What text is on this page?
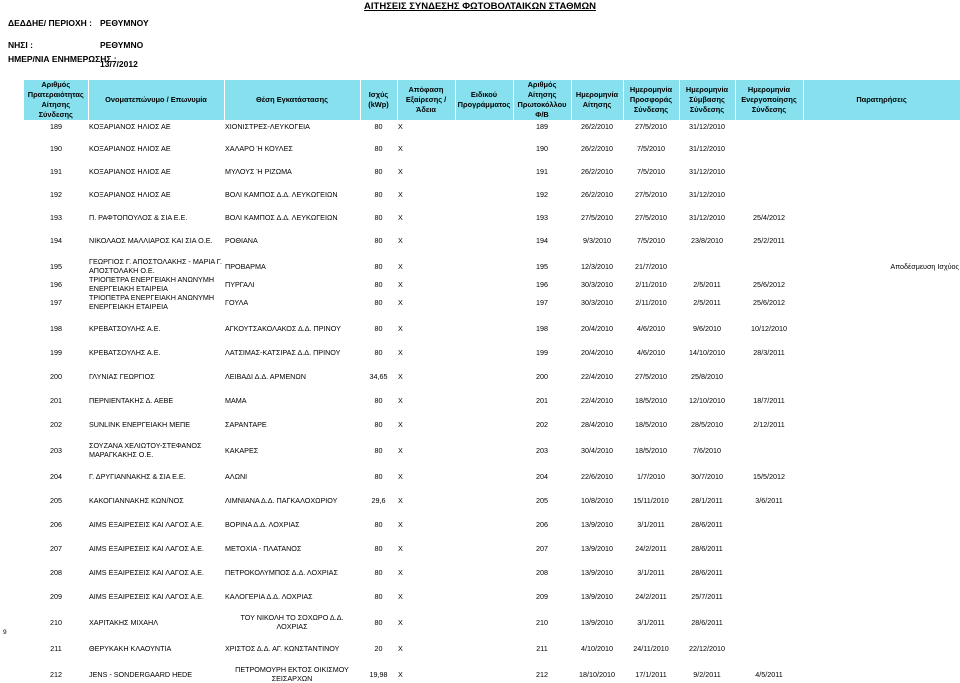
ΑΙΤΗΣΕΙΣ ΣΥΝΔΕΣΗΣ ΦΩΤΟΒΟΛΤΑΙΚΩΝ ΣΤΑΘΜΩΝ
ΔΕΔΔΗΕ/ ΠΕΡΙΟΧΗ : ΡΕΘΥΜΝΟΥ
ΝΗΣΙ :	ΡΕΘΥΜΝΟ
ΗΜΕΡ/ΝΙΑ ΕΝΗΜΕΡΩΣΗΣ :
13/7/2012
Αριθμός Πρατεραιότητας Αίτησης Σύνδεσης	Ονοματεπώνυμο / Επωνυμία	Θέση Εγκατάστασης	Ισχύς (kWp)	Απόφαση Εξαίρεσης / Άδεια	Ειδικού Προγράμματος	Αριθμός Αίτησης Πρωτοκόλλου Φ/Β	Ημερομηνία Αίτησης	Ημερομηνία Προσφοράς Σύνδεσης	Ημερομηνία Σύμβασης Σύνδεσης	Ημερομηνία Ενεργοποίησης Σύνδεσης	Παρατηρήσεις
189	ΚΟΞΑΡΙΑΝΟΣ ΗΛΙΟΣ ΑΕ	ΧΙΟΝΙΣΤΡΕΣ-ΛΕΥΚΟΓΕΙΑ	80	Χ		189	26/2/2010	27/5/2010	31/12/2010		

190	ΚΟΞΑΡΙΑΝΟΣ ΗΛΙΟΣ ΑΕ	ΧΑΛΑΡΟ Ή ΚΟΥΛΕΣ	80	Χ		190	26/2/2010	7/5/2010	31/12/2010		

191	ΚΟΞΑΡΙΑΝΟΣ ΗΛΙΟΣ ΑΕ	ΜΥΛΟΥΣ Ή ΡΙΖΩΜΑ	80	Χ		191	26/2/2010	7/5/2010	31/12/2010		

192	ΚΟΞΑΡΙΑΝΟΣ ΗΛΙΟΣ ΑΕ	ΒΟΛΙ ΚΑΜΠΟΣ Δ.Δ. ΛΕΥΚΩΓΕΙΩΝ	80	Χ		192	26/2/2010	27/5/2010	31/12/2010		

193	Π. ΡΑΦΤΟΠΟΥΛΟΣ & ΣΙΑ Ε.Ε.	ΒΟΛΙ ΚΑΜΠΟΣ Δ.Δ. ΛΕΥΚΩΓΕΙΩΝ	80	Χ		193	27/5/2010	27/5/2010	31/12/2010	25/4/2012	

194	ΝΙΚΟΛΑΟΣ ΜΑΛΛΙΑΡΟΣ ΚΑΙ ΣΙΑ Ο.Ε.	ΡΟΘΙΑΝΑ	80	Χ		194	9/3/2010	7/5/2010	23/8/2010	25/2/2011	

195	ΓΕΩΡΓΙΟΣ Γ. ΑΠΟΣΤΟΛΑΚΗΣ - ΜΑΡΙΑ Γ. ΑΠΟΣΤΟΛΑΚΗ Ο.Ε.	ΠΡΟΒΑΡΜΑ	80	Χ		195	12/3/2010	21/7/2010			Αποδέσμευση Ισχύος
196	ΤΡΙΟΠΕΤΡΑ ΕΝΕΡΓΕΙΑΚΗ ΑΝΩΝΥΜΗ ΕΝΕΡΓΕΙΑΚΗ ΕΤΑΙΡΕΙΑ	ΠΥΡΓΑΛΙ	80	Χ		196	30/3/2010	2/11/2010	2/5/2011	25/6/2012	
197	ΤΡΙΟΠΕΤΡΑ ΕΝΕΡΓΕΙΑΚΗ ΑΝΩΝΥΜΗ ΕΝΕΡΓΕΙΑΚΗ ΕΤΑΙΡΕΙΑ	ΓΟΥΛΑ	80	Χ		197	30/3/2010	2/11/2010	2/5/2011	25/6/2012	

198	ΚΡΕΒΑΤΣΟΥΛΗΣ Α.Ε.	ΑΓΚΟΥΤΣΑΚΟΛΑΚΟΣ Δ.Δ. ΠΡΙΝΟΥ	80	Χ		198	20/4/2010	4/6/2010	9/6/2010	10/12/2010	

199	ΚΡΕΒΑΤΣΟΥΛΗΣ Α.Ε.	ΛΑΤΣΙΜΑΣ-ΚΑΤΣΙΡΑΣ Δ.Δ. ΠΡΙΝΟΥ	80	Χ		199	20/4/2010	4/6/2010	14/10/2010	28/3/2011	

200	ΓΛΥΝΙΑΣ ΓΕΩΡΓΙΟΣ	ΛΕΙΒΑΔΙ Δ.Δ. ΑΡΜΕΝΩΝ	34,65	Χ		200	22/4/2010	27/5/2010	25/8/2010		

201	ΠΕΡΝΙΕΝΤΑΚΗΣ Δ. ΑΕΒΕ	ΜΑΜΑ	80	Χ		201	22/4/2010	18/5/2010	12/10/2010	18/7/2011	

202	SUNLINK ΕΝΕΡΓΕΙΑΚΗ ΜΕΠΕ	ΣΑΡΑΝΤΑΡΕ	80	Χ		202	28/4/2010	18/5/2010	28/5/2010	2/12/2011	

203	ΣΟΥΖΑΝΑ ΧΕΛΙΩΤΟΥ-ΣΤΕΦΑΝΟΣ ΜΑΡΑΓΚΑΚΗΣ Ο.Ε.	ΚΑΚΑΡΕΣ	80	Χ		203	30/4/2010	18/5/2010	7/6/2010		

204	Γ. ΔΡΥΓΙΑΝΝΑΚΗΣ & ΣΙΑ Ε.Ε.	ΑΛΩΝΙ	80	Χ		204	22/6/2010	1/7/2010	30/7/2010	15/5/2012	

205	ΚΑΚΟΓΙΑΝΝΑΚΗΣ ΚΩΝ/ΝΟΣ	ΛΙΜΝΙΑΝΑ Δ.Δ. ΠΑΓΚΑΛΟΧΩΡΙΟΥ	29,6	Χ		205	10/8/2010	15/11/2010	28/1/2011	3/6/2011	

206	AIMS ΕΞΑΙΡΕΣΕΙΣ ΚΑΙ ΛΑΓΟΣ Α.Ε.	ΒΟΡΙΝΑ Δ.Δ. ΛΟΧΡΙΑΣ	80	Χ		206	13/9/2010	3/1/2011	28/6/2011		

207	AIMS ΕΞΑΙΡΕΣΕΙΣ ΚΑΙ ΛΑΓΟΣ Α.Ε.	ΜΕΤΟΧΙΑ - ΠΛΑΤΑΝΟΣ	80	Χ		207	13/9/2010	24/2/2011	28/6/2011		

208	AIMS ΕΞΑΙΡΕΣΕΙΣ ΚΑΙ ΛΑΓΟΣ Α.Ε.	ΠΕΤΡΟΚΟΛΥΜΠΟΣ Δ.Δ. ΛΟΧΡΙΑΣ	80	Χ		208	13/9/2010	3/1/2011	28/6/2011		

209	AIMS ΕΞΑΙΡΕΣΕΙΣ ΚΑΙ ΛΑΓΟΣ Α.Ε.	ΚΑΛΟΓΕΡΙΑ Δ.Δ. ΛΟΧΡΙΑΣ	80	Χ		209	13/9/2010	24/2/2011	25/7/2011		

210	ΧΑΡΙΤΑΚΗΣ ΜΙΧΑΗΛ	ΤΟΥ ΝΙΚΟΛΗ ΤΟ ΣΟΧΩΡΟ Δ.Δ. ΛΟΧΡΙΑΣ	80	Χ		210	13/9/2010	3/1/2011	28/6/2011		

211	ΘΕΡΥΚΑΚΗ ΚΛΑΟΥΝΤΙΑ	ΧΡΙΣΤΟΣ Δ.Δ. ΑΓ. ΚΩΝΣΤΑΝΤΙΝΟΥ	20	Χ		211	4/10/2010	24/11/2010	22/12/2010		

212	JENS - SONDERGAARD HEDE	ΠΕΤΡΟΜΟΥΡΗ ΕΚΤΟΣ ΟΙΚΙΣΜΟΥ ΣΕΙΣΑΡΧΩΝ	19,98	Χ		212	18/10/2010	17/1/2011	9/2/2011	4/5/2011	
9
